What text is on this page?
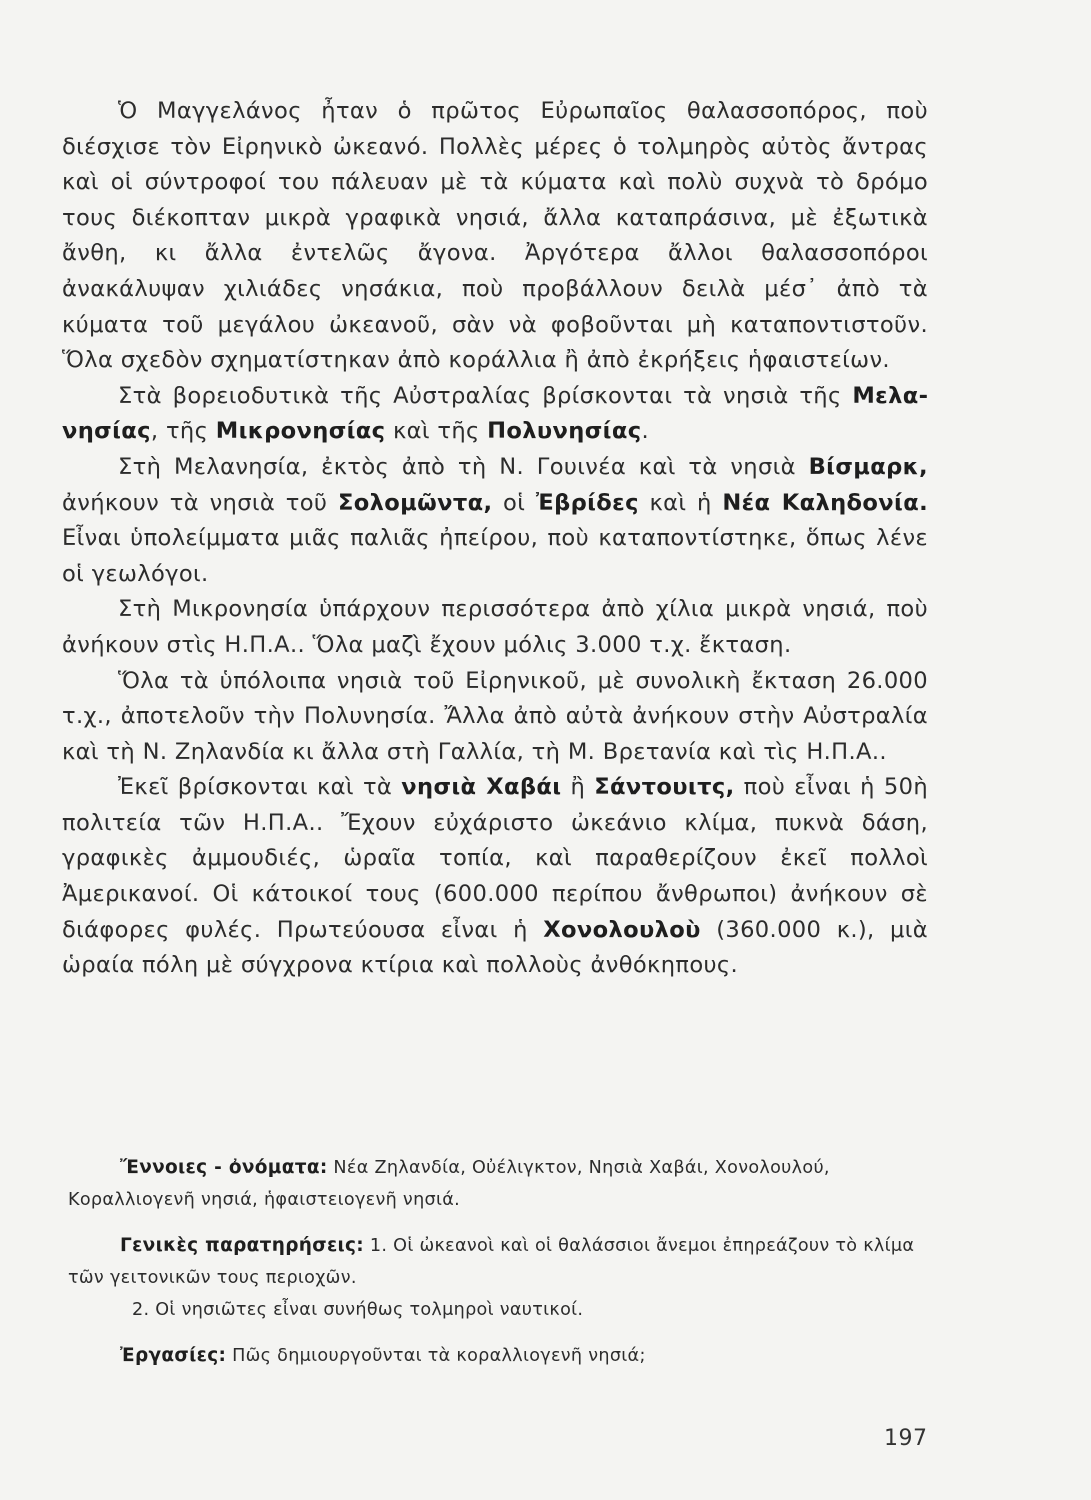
Ὁ Μαγγελάνος ἦταν ὁ πρῶτος Εὐρωπαῖος θαλασσοπόρος, ποὺ διέσχισε τὸν Εἰρηνικὸ ὠκεανό. Πολλὲς μέρες ὁ τολμηρὸς αὐτὸς ἄντρας καὶ οἱ σύντροφοί του πάλευαν μὲ τὰ κύματα καὶ πολὺ συχνὰ τὸ δρόμο τους διέκοπταν μικρὰ γραφικὰ νησιά, ἄλλα καταπράσινα, μὲ ἐξωτικὰ ἄνθη, κι ἄλλα ἐντελῶς ἄγονα. Ἀργότερα ἄλλοι θαλασσοπόροι ἀνακάλυψαν χιλιάδες νησάκια, ποὺ προβάλλουν δειλὰ μέσ᾽ ἀπὸ τὰ κύματα τοῦ μεγάλου ὠκεανοῦ, σὰν νὰ φοβοῦνται μὴ καταποντιστοῦν. Ὅλα σχεδὸν σχηματίστηκαν ἀπὸ κοράλλια ἢ ἀπὸ ἐκρήξεις ἡφαιστείων.

Στὰ βορειοδυτικὰ τῆς Αὐστραλίας βρίσκονται τὰ νησιὰ τῆς Μελανησίας, τῆς Μικρονησίας καὶ τῆς Πολυνησίας.

Στὴ Μελανησία, ἐκτὸς ἀπὸ τὴ Ν. Γουινέα καὶ τὰ νησιὰ Βίσμαρκ, ἀνήκουν τὰ νησιὰ τοῦ Σολομῶντα, οἱ Ἐβρίδες καὶ ἡ Νέα Καληδονία. Εἶναι ὑπολείμματα μιᾶς παλιᾶς ἠπείρου, ποὺ καταποντίστηκε, ὅπως λένε οἱ γεωλόγοι.

Στὴ Μικρονησία ὑπάρχουν περισσότερα ἀπὸ χίλια μικρὰ νησιά, ποὺ ἀνήκουν στὶς Η.Π.Α.. Ὅλα μαζὶ ἔχουν μόλις 3.000 τ.χ. ἔκταση.

Ὅλα τὰ ὑπόλοιπα νησιὰ τοῦ Εἰρηνικοῦ, μὲ συνολικὴ ἔκταση 26.000 τ.χ., ἀποτελοῦν τὴν Πολυνησία. Ἄλλα ἀπὸ αὐτὰ ἀνήκουν στὴν Αὐστραλία καὶ τὴ Ν. Ζηλανδία κι ἄλλα στὴ Γαλλία, τὴ Μ. Βρετανία καὶ τὶς Η.Π.Α..

Ἐκεῖ βρίσκονται καὶ τὰ νησιὰ Χαβάι ἢ Σάντουιτς, ποὺ εἶναι ἡ 50ὴ πολιτεία τῶν Η.Π.Α.. Ἔχουν εὐχάριστο ὠκεάνιο κλίμα, πυκνὰ δάση, γραφικὲς ἀμμουδιές, ὡραῖα τοπία, καὶ παραθερίζουν ἐκεῖ πολλοὶ Ἀμερικανοί. Οἱ κάτοικοί τους (600.000 περίπου ἄνθρωποι) ἀνήκουν σὲ διάφορες φυλές. Πρωτεύουσα εἶναι ἡ Χονολουλοὺ (360.000 κ.), μιὰ ὡραία πόλη μὲ σύγχρονα κτίρια καὶ πολλοὺς ἀνθόκηπους.

Ἔννοιες - ὀνόματα: Νέα Ζηλανδία, Οὐέλιγκτον, Νησιὰ Χαβάι, Χονολουλού, Κοραλλιογενῆ νησιά, ἡφαιστειογενῆ νησιά.

Γενικὲς παρατηρήσεις: 1. Οἱ ὠκεανοὶ καὶ οἱ θαλάσσιοι ἄνεμοι ἐπηρεάζουν τὸ κλίμα τῶν γειτονικῶν τους περιοχῶν.

2. Οἱ νησιῶτες εἶναι συνήθως τολμηροὶ ναυτικοί.

Ἐργασίες: Πῶς δημιουργοῦνται τὰ κοραλλιογενῆ νησιά;

197
